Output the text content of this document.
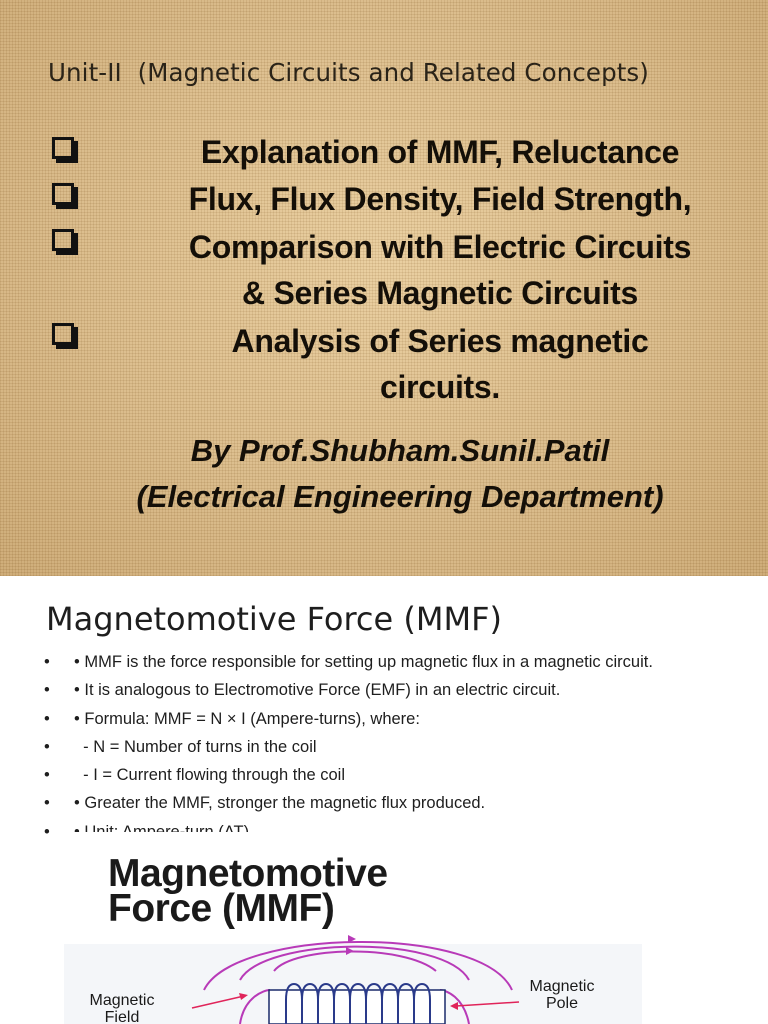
Unit-II  (Magnetic Circuits and Related Concepts)
Explanation of MMF, Reluctance
Flux, Flux Density, Field Strength,
Comparison with Electric Circuits
& Series Magnetic Circuits
Analysis of Series magnetic
circuits.
By Prof.Shubham.Sunil.Patil
(Electrical Engineering Department)
Magnetomotive Force (MMF)
• • MMF is the force responsible for setting up magnetic flux in a magnetic circuit.
• • It is analogous to Electromotive Force (EMF) in an electric circuit.
• • Formula: MMF = N × I (Ampere-turns), where:
• - N = Number of turns in the coil
• - I = Current flowing through the coil
• • Greater the MMF, stronger the magnetic flux produced.
•
Magnetomotive
Force (MMF)
Magnetic
Field
Magnetic
Pole
